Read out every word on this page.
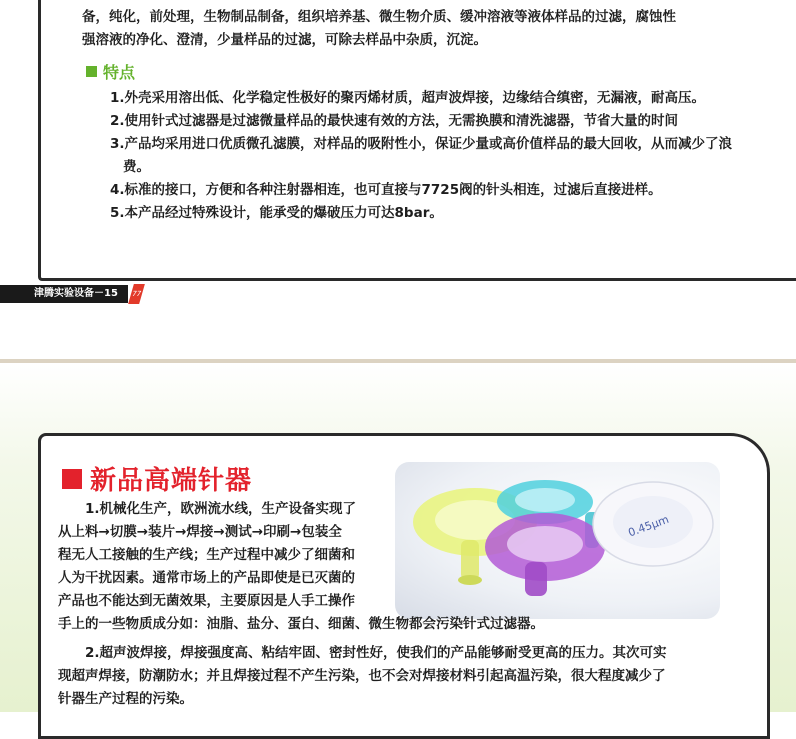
备，纯化，前处理，生物制品制备，组织培养基、微生物介质、缓冲溶液等液体样品的过滤，腐蚀性
强溶液的净化、澄清，少量样品的过滤，可除去样品中杂质，沉淀。
特点
1.外壳采用溶出低、化学稳定性极好的聚丙烯材质，超声波焊接，边缘结合缜密，无漏液，耐高压。
2.使用针式过滤器是过滤微量样品的最快速有效的方法，无需换膜和清洗滤器，节省大量的时间
3.产品均采用进口优质微孔滤膜，对样品的吸附性小，保证少量或高价值样品的最大回收，从而减少了浪费。
4.标准的接口，方便和各种注射器相连，也可直接与7725阀的针头相连，过滤后直接进样。
5.本产品经过特殊设计，能承受的爆破压力可达8bar。
津腾实验设备－15	77
新品高端针器
0.45μm
1.机械化生产，欧洲流水线，生产设备实现了
从上料→切膜→装片→焊接→测试→印刷→包装全
程无人工接触的生产线；生产过程中减少了细菌和
人为干扰因素。通常市场上的产品即使是已灭菌的
产品也不能达到无菌效果，主要原因是人手工操作
手上的一些物质成分如：油脂、盐分、蛋白、细菌、微生物都会污染针式过滤器。
2.超声波焊接，焊接强度高、粘结牢固、密封性好，使我们的产品能够耐受更高的压力。其次可实
现超声焊接，防潮防水；并且焊接过程不产生污染，也不会对焊接材料引起高温污染，很大程度减少了
针器生产过程的污染。
